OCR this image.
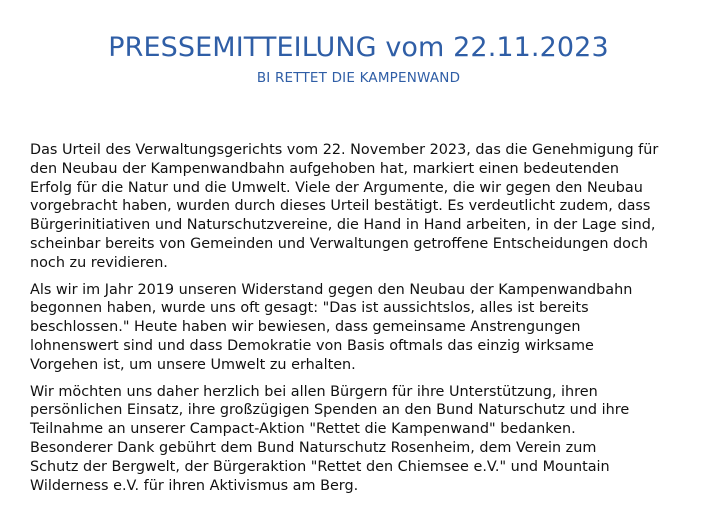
PRESSEMITTEILUNG vom 22.11.2023
BI RETTET DIE KAMPENWAND

Das Urteil des Verwaltungsgerichts vom 22. November 2023, das die Genehmigung für
den Neubau der Kampenwandbahn aufgehoben hat, markiert einen bedeutenden
Erfolg für die Natur und die Umwelt. Viele der Argumente, die wir gegen den Neubau
vorgebracht haben, wurden durch dieses Urteil bestätigt. Es verdeutlicht zudem, dass
Bürgerinitiativen und Naturschutzvereine, die Hand in Hand arbeiten, in der Lage sind,
scheinbar bereits von Gemeinden und Verwaltungen getroffene Entscheidungen doch
noch zu revidieren.

Als wir im Jahr 2019 unseren Widerstand gegen den Neubau der Kampenwandbahn
begonnen haben, wurde uns oft gesagt: "Das ist aussichtslos, alles ist bereits
beschlossen." Heute haben wir bewiesen, dass gemeinsame Anstrengungen
lohnenswert sind und dass Demokratie von Basis oftmals das einzig wirksame
Vorgehen ist, um unsere Umwelt zu erhalten.

Wir möchten uns daher herzlich bei allen Bürgern für ihre Unterstützung, ihren
persönlichen Einsatz, ihre großzügigen Spenden an den Bund Naturschutz und ihre
Teilnahme an unserer Campact-Aktion "Rettet die Kampenwand" bedanken.
Besonderer Dank gebührt dem Bund Naturschutz Rosenheim, dem Verein zum
Schutz der Bergwelt, der Bürgeraktion "Rettet den Chiemsee e.V." und Mountain
Wilderness e.V. für ihren Aktivismus am Berg.
